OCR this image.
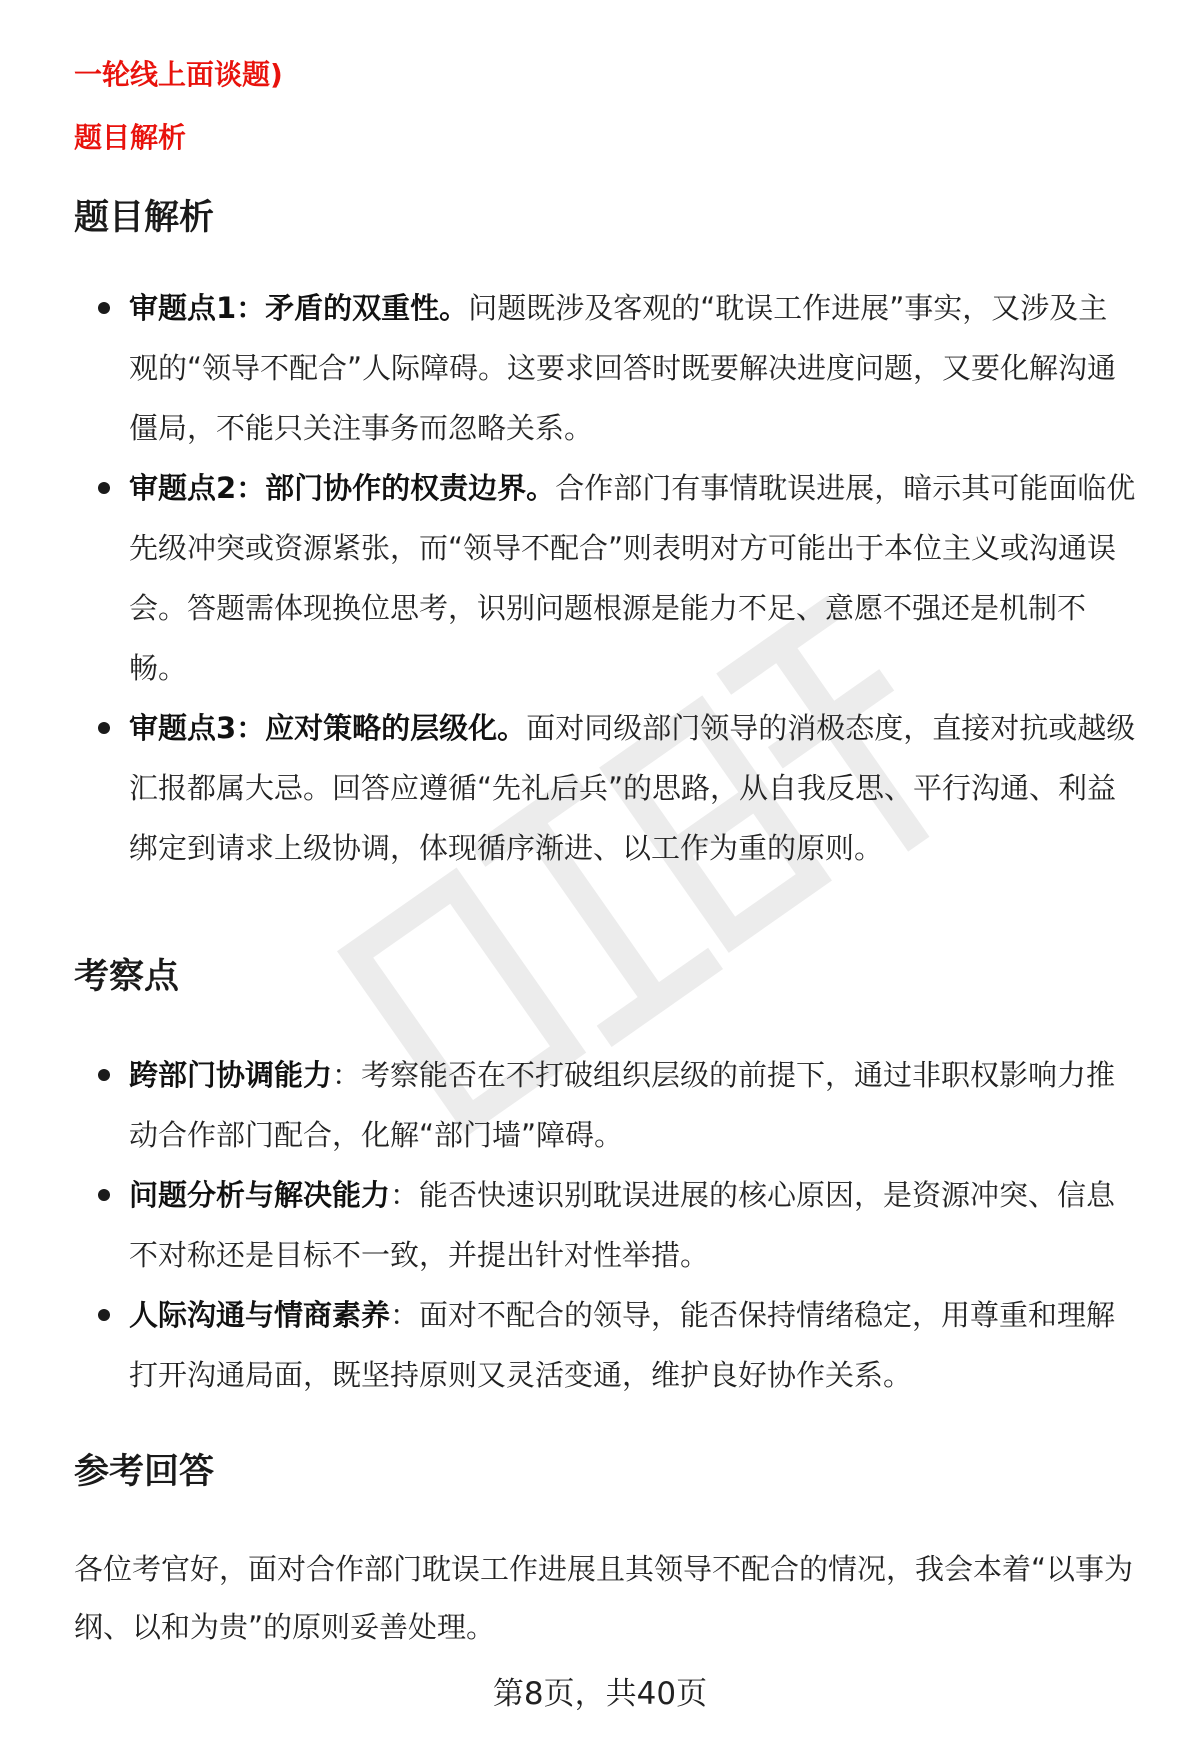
一轮线上面谈题)
题目解析
题目解析
审题点1：矛盾的双重性。问题既涉及客观的“耽误工作进展”事实，又涉及主观的“领导不配合”人际障碍。这要求回答时既要解决进度问题，又要化解沟通僵局，不能只关注事务而忽略关系。
审题点2：部门协作的权责边界。合作部门有事情耽误进展，暗示其可能面临优先级冲突或资源紧张，而“领导不配合”则表明对方可能出于本位主义或沟通误会。答题需体现换位思考，识别问题根源是能力不足、意愿不强还是机制不畅。
审题点3：应对策略的层级化。面对同级部门领导的消极态度，直接对抗或越级汇报都属大忌。回答应遵循“先礼后兵”的思路，从自我反思、平行沟通、利益绑定到请求上级协调，体现循序渐进、以工作为重的原则。
考察点
跨部门协调能力：考察能否在不打破组织层级的前提下，通过非职权影响力推动合作部门配合，化解“部门墙”障碍。
问题分析与解决能力：能否快速识别耽误进展的核心原因，是资源冲突、信息不对称还是目标不一致，并提出针对性举措。
人际沟通与情商素养：面对不配合的领导，能否保持情绪稳定，用尊重和理解打开沟通局面，既坚持原则又灵活变通，维护良好协作关系。
参考回答

各位考官好，面对合作部门耽误工作进展且其领导不配合的情况，我会本着“以事为纲、以和为贵”的原则妥善处理。

第8页，共40页
